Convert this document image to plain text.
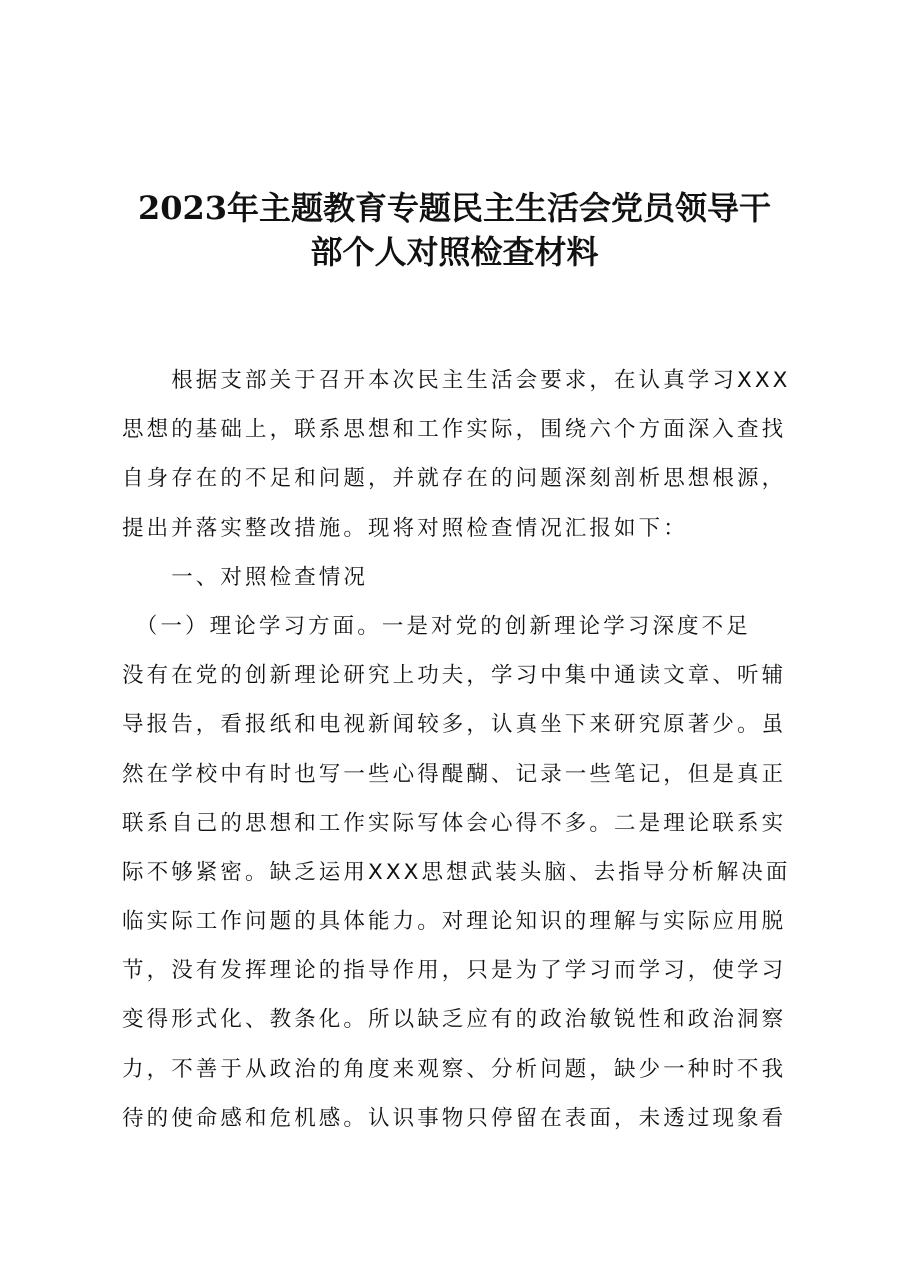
2023年主题教育专题民主生活会党员领导干
部个人对照检查材料
　　根据支部关于召开本次民主生活会要求，在认真学习XXX
思想的基础上，联系思想和工作实际，围绕六个方面深入查找
自身存在的不足和问题，并就存在的问题深刻剖析思想根源，
提出并落实整改措施。现将对照检查情况汇报如下：
　　一、对照检查情况
　（一）理论学习方面。一是对党的创新理论学习深度不足
没有在党的创新理论研究上功夫，学习中集中通读文章、听辅
导报告，看报纸和电视新闻较多，认真坐下来研究原著少。虽
然在学校中有时也写一些心得醍醐、记录一些笔记，但是真正
联系自己的思想和工作实际写体会心得不多。二是理论联系实
际不够紧密。缺乏运用XXX思想武装头脑、去指导分析解决面
临实际工作问题的具体能力。对理论知识的理解与实际应用脱
节，没有发挥理论的指导作用，只是为了学习而学习，使学习
变得形式化、教条化。所以缺乏应有的政治敏锐性和政治洞察
力，不善于从政治的角度来观察、分析问题，缺少一种时不我
待的使命感和危机感。认识事物只停留在表面，未透过现象看
